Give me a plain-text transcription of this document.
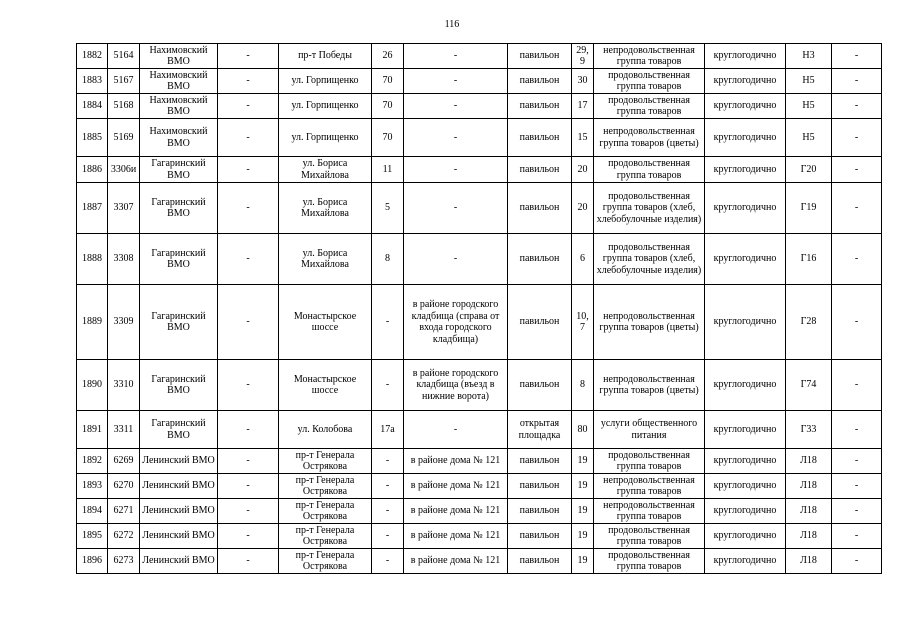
116
1882	5164	Нахимовский ВМО	-	пр-т Победы	26	-	павильон	29,9	непродовольственная группа товаров	круглогодично	Н3	-
1883	5167	Нахимовский ВМО	-	ул. Горпищенко	70	-	павильон	30	продовольственная группа товаров	круглогодично	Н5	-
1884	5168	Нахимовский ВМО	-	ул. Горпищенко	70	-	павильон	17	продовольственная группа товаров	круглогодично	Н5	-
1885	5169	Нахимовский ВМО	-	ул. Горпищенко	70	-	павильон	15	непродовольственная группа товаров (цветы)	круглогодично	Н5	-
1886	3306и	Гагаринский ВМО	-	ул. Бориса Михайлова	11	-	павильон	20	продовольственная группа товаров	круглогодично	Г20	-
1887	3307	Гагаринский ВМО	-	ул. Бориса Михайлова	5	-	павильон	20	продовольственная группа товаров (хлеб, хлебобулочные изделия)	круглогодично	Г19	-
1888	3308	Гагаринский ВМО	-	ул. Бориса Михайлова	8	-	павильон	6	продовольственная группа товаров (хлеб, хлебобулочные изделия)	круглогодично	Г16	-
1889	3309	Гагаринский ВМО	-	Монастырское шоссе	-	в районе городского кладбища (справа от входа городского кладбища)	павильон	10,7	непродовольственная группа товаров (цветы)	круглогодично	Г28	-
1890	3310	Гагаринский ВМО	-	Монастырское шоссе	-	в районе городского кладбища (въезд в нижние ворота)	павильон	8	непродовольственная группа товаров (цветы)	круглогодично	Г74	-
1891	3311	Гагаринский ВМО	-	ул. Колобова	17а	-	открытая площадка	80	услуги общественного питания	круглогодично	Г33	-
1892	6269	Ленинский ВМО	-	пр-т Генерала Острякова	-	в районе дома № 121	павильон	19	продовольственная группа товаров	круглогодично	Л18	-
1893	6270	Ленинский ВМО	-	пр-т Генерала Острякова	-	в районе дома № 121	павильон	19	непродовольственная группа товаров	круглогодично	Л18	-
1894	6271	Ленинский ВМО	-	пр-т Генерала Острякова	-	в районе дома № 121	павильон	19	непродовольственная группа товаров	круглогодично	Л18	-
1895	6272	Ленинский ВМО	-	пр-т Генерала Острякова	-	в районе дома № 121	павильон	19	продовольственная группа товаров	круглогодично	Л18	-
1896	6273	Ленинский ВМО	-	пр-т Генерала Острякова	-	в районе дома № 121	павильон	19	продовольственная группа товаров	круглогодично	Л18	-
